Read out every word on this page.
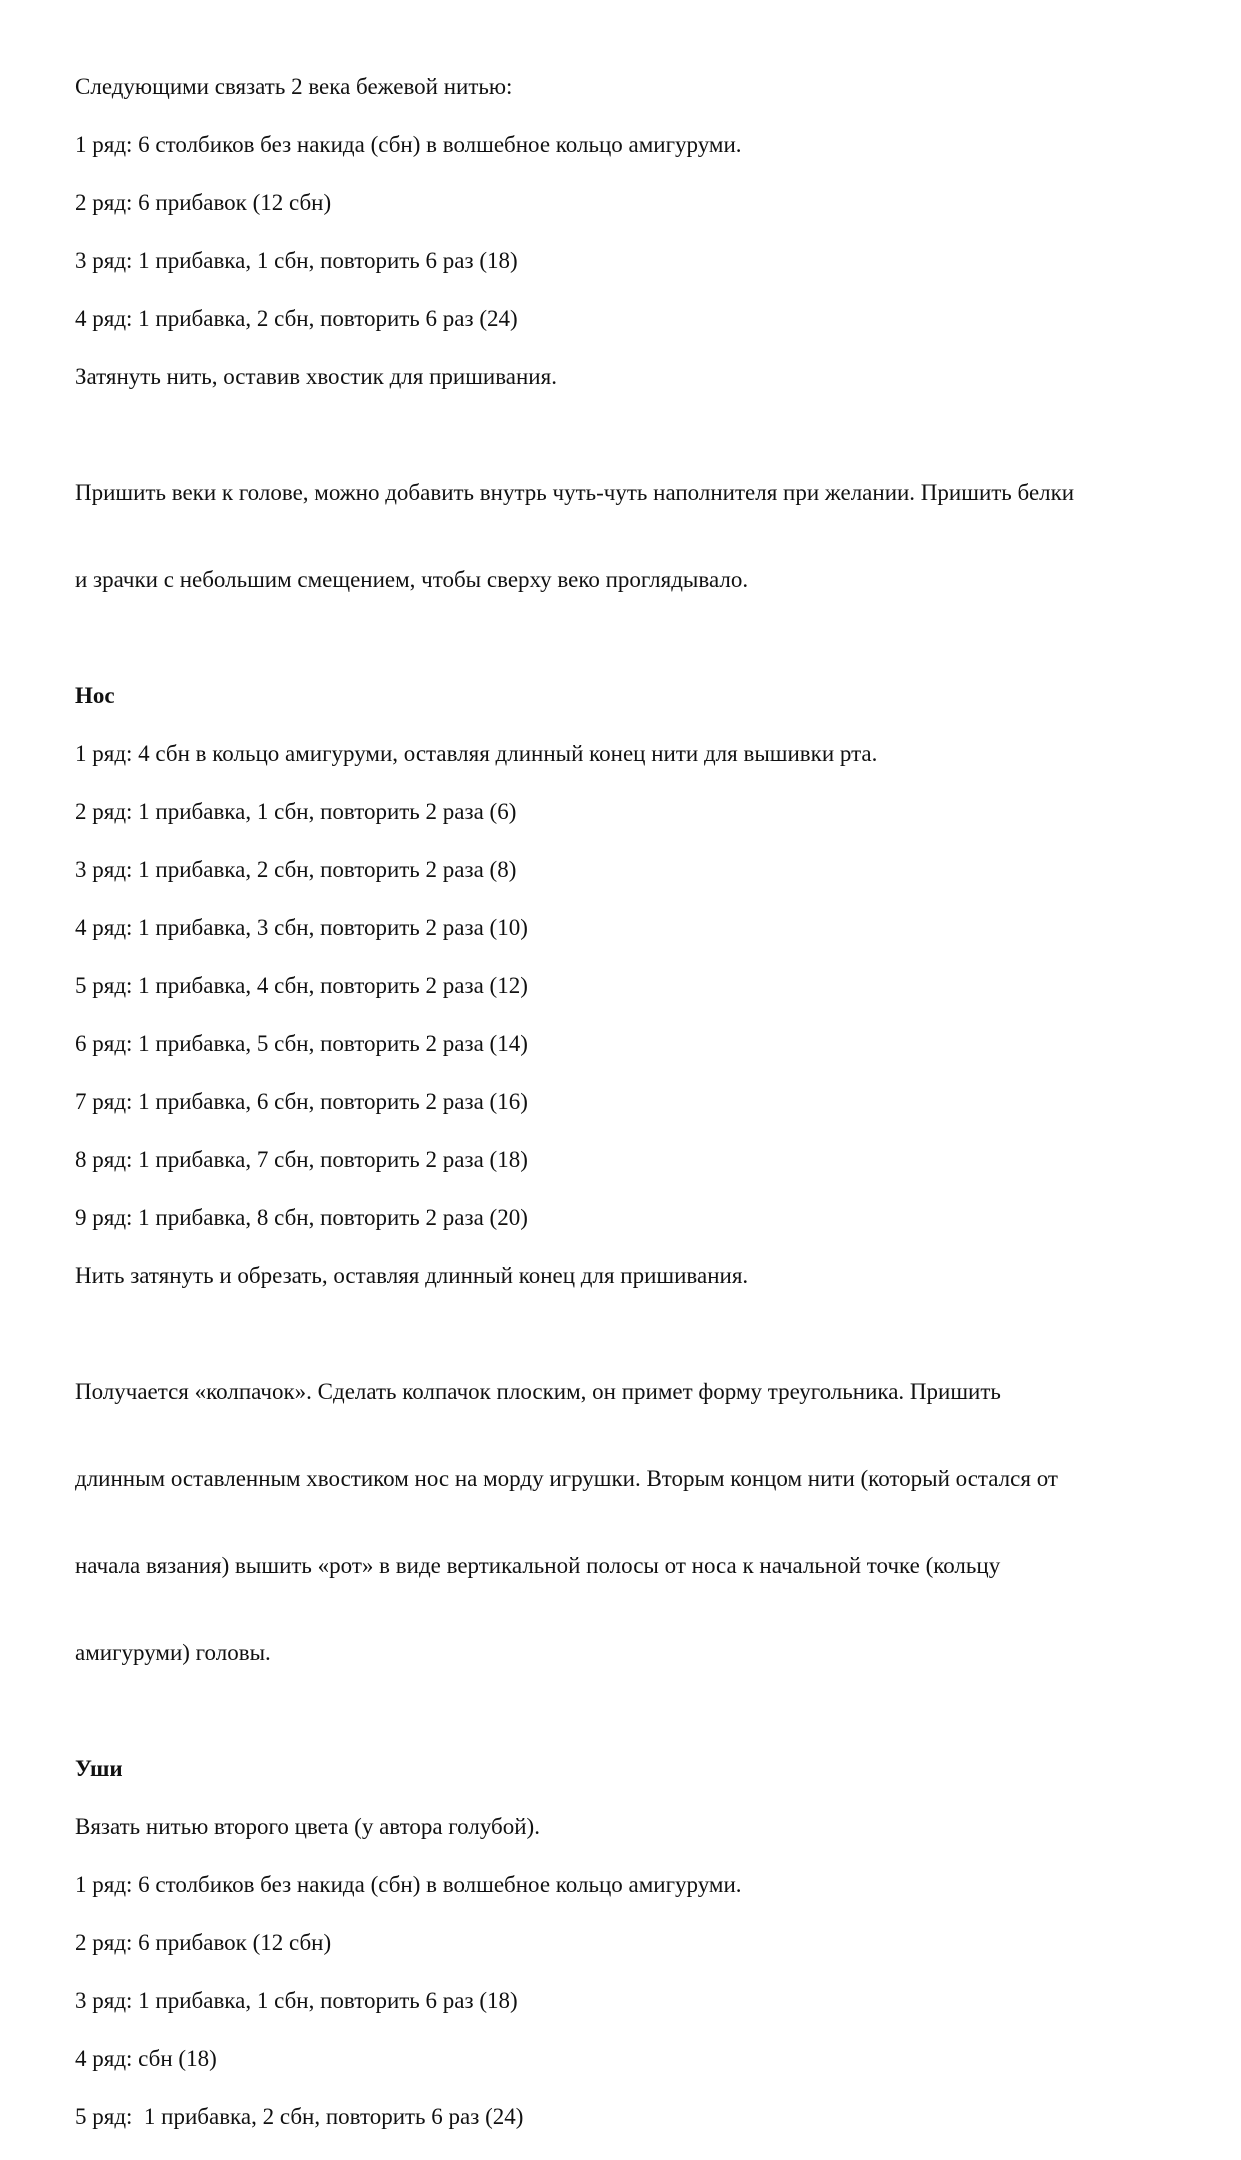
Следующими связать 2 века бежевой нитью:

1 ряд: 6 столбиков без накида (сбн) в волшебное кольцо амигуруми.

2 ряд: 6 прибавок (12 сбн)

3 ряд: 1 прибавка, 1 сбн, повторить 6 раз (18)

4 ряд: 1 прибавка, 2 сбн, повторить 6 раз (24)

Затянуть нить, оставив хвостик для пришивания.

Пришить веки к голове, можно добавить внутрь чуть-чуть наполнителя при желании. Пришить белки

и зрачки с небольшим смещением, чтобы сверху веко проглядывало.

Нос

1 ряд: 4 сбн в кольцо амигуруми, оставляя длинный конец нити для вышивки рта.

2 ряд: 1 прибавка, 1 сбн, повторить 2 раза (6)

3 ряд: 1 прибавка, 2 сбн, повторить 2 раза (8)

4 ряд: 1 прибавка, 3 сбн, повторить 2 раза (10)

5 ряд: 1 прибавка, 4 сбн, повторить 2 раза (12)

6 ряд: 1 прибавка, 5 сбн, повторить 2 раза (14)

7 ряд: 1 прибавка, 6 сбн, повторить 2 раза (16)

8 ряд: 1 прибавка, 7 сбн, повторить 2 раза (18)

9 ряд: 1 прибавка, 8 сбн, повторить 2 раза (20)

Нить затянуть и обрезать, оставляя длинный конец для пришивания.

Получается «колпачок». Сделать колпачок плоским, он примет форму треугольника. Пришить

длинным оставленным хвостиком нос на морду игрушки. Вторым концом нити (который остался от

начала вязания) вышить «рот» в виде вертикальной полосы от носа к начальной точке (кольцу

амигуруми) головы.

Уши

Вязать нитью второго цвета (у автора голубой).

1 ряд: 6 столбиков без накида (сбн) в волшебное кольцо амигуруми.

2 ряд: 6 прибавок (12 сбн)

3 ряд: 1 прибавка, 1 сбн, повторить 6 раз (18)

4 ряд: сбн (18)

5 ряд:  1 прибавка, 2 сбн, повторить 6 раз (24)
